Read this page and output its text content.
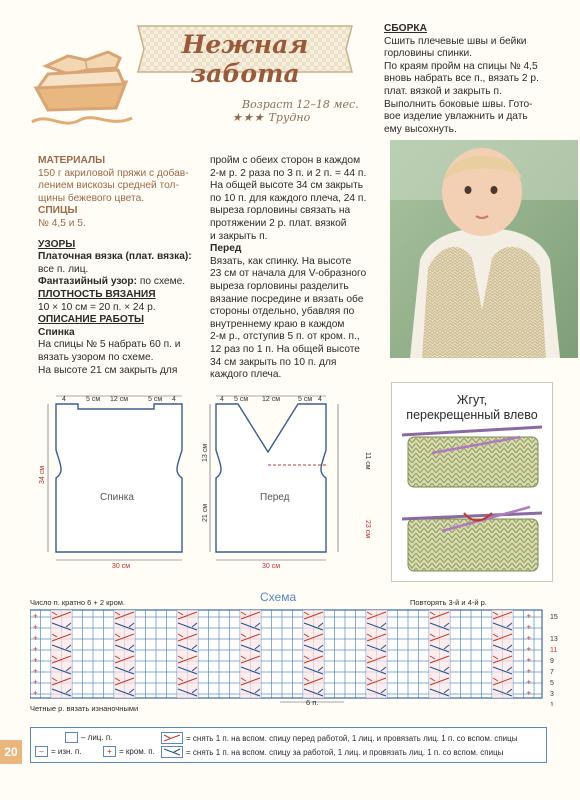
Нежная забота
Возраст 12–18 мес.
★★★ Трудно

СБОРКА

Сшить плечевые швы и бейки

горловины спинки.

По краям пройм на спицы № 4,5

вновь набрать все п., вязать 2 р.

плат. вязкой и закрыть п.

Выполнить боковые швы. Гото-

вое изделие увлажнить и дать

ему высохнуть.

МАТЕРИАЛЫ

150 г акриловой пряжи с добав-

лением вискозы средней тол-

щины бежевого цвета.

СПИЦЫ

№ 4,5 и 5.

УЗОРЫ

Платочная вязка (плат. вязка):

все п. лиц.

Фантазийный узор: по схеме.

ПЛОТНОСТЬ ВЯЗАНИЯ

10 × 10 см = 20 п. × 24 р.

ОПИСАНИЕ РАБОТЫ

Спинка

На спицы № 5 набрать 60 п. и

вязать узором по схеме.

На высоте 21 см закрыть для

пройм с обеих сторон в каждом

2-м р. 2 раза по 3 п. и 2 п. = 44 п.

На общей высоте 34 см закрыть

по 10 п. для каждого плеча, 24 п.

выреза горловины связать на

протяжении 2 р. плат. вязкой

и закрыть п.

Перед

Вязать, как спинку. На высоте

23 см от начала для V-образного

выреза горловины разделить

вязание посредине и вязать обе

стороны отдельно, убавляя по

внутреннему краю в каждом

2-м р., отступив 5 п. от кром. п.,

12 раз по 1 п. На общей высоте

34 см закрыть по 10 п. для

каждого плеча.

Жгут,
перекрещенный влево
4	5 см 12 см	5 см 4
34 см
30 см
Спинка
4 5 см 12 см	5 см 4
13 см
21 см
11 см
23 см
30 см
Перед
Число п. кратно 6 + 2 кром.	Схема	Повторять 3-й и 4-й р.
+	+
+	+
+	+
+	+
+	+
+	+
+	+
+	+
15
13
11
9
7
5
3
1
Четные р. вязать изнаночными
6 п.
– лиц. п.
– = изн. п.	+ = кром. п.
= снять 1 п. на вспом. спицу перед работой, 1 лиц. и провязать лиц. 1 п. со вспом. спицы
= снять 1 п. на вспом. спицу за работой, 1 лиц. и провязать лиц. 1 п. со вспом. спицы
20
